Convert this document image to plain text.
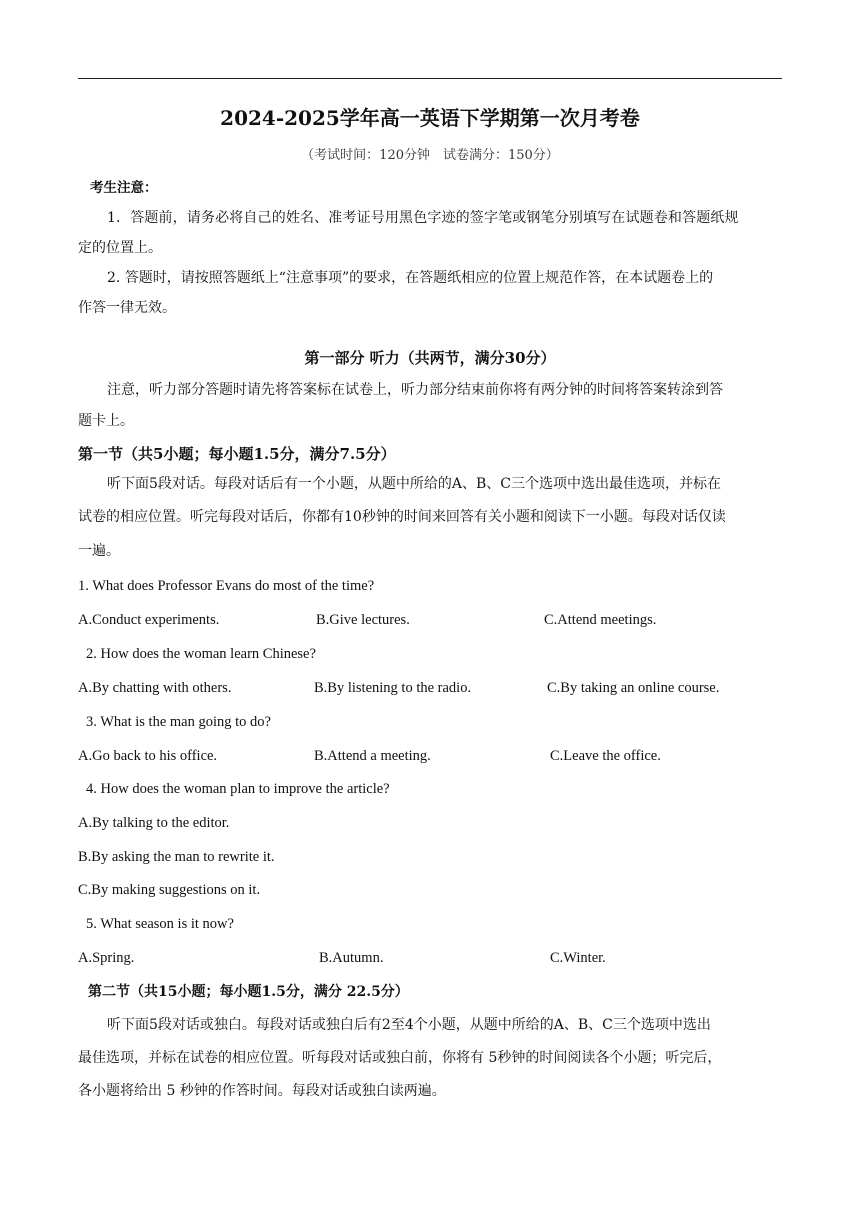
2024-2025学年高一英语下学期第一次月考卷
（考试时间：120分钟　试卷满分：150分）
考生注意：
1．答题前，请务必将自己的姓名、准考证号用黑色字迹的签字笔或钢笔分别填写在试题卷和答题纸规
定的位置上。
2. 答题时，请按照答题纸上“注意事项”的要求，在答题纸相应的位置上规范作答，在本试题卷上的
作答一律无效。
第一部分 听力（共两节，满分30分）
注意，听力部分答题时请先将答案标在试卷上，听力部分结束前你将有两分钟的时间将答案转涂到答
题卡上。
第一节（共5小题；每小题1.5分，满分7.5分）
听下面5段对话。每段对话后有一个小题，从题中所给的A、B、C三个选项中选出最佳选项，并标在
试卷的相应位置。听完每段对话后，你都有10秒钟的时间来回答有关小题和阅读下一小题。每段对话仅读
一遍。
1. What does Professor Evans do most of the time?
A.Conduct experiments.	B.Give lectures.	C.Attend meetings.
2. How does the woman learn Chinese?
A.By chatting with others.	B.By listening to the radio.	C.By taking an online course.
3. What is the man going to do?
A.Go back to his office.	B.Attend a meeting.	C.Leave the office.
4. How does the woman plan to improve the article?
A.By talking to the editor.
B.By asking the man to rewrite it.
C.By making suggestions on it.
5. What season is it now?
A.Spring.	B.Autumn.	C.Winter.
第二节（共15小题；每小题1.5分，满分 22.5分）
听下面5段对话或独白。每段对话或独白后有2至4个小题，从题中所给的A、B、C三个选项中选出
最佳选项，并标在试卷的相应位置。听每段对话或独白前，你将有 5秒钟的时间阅读各个小题；听完后，
各小题将给出 5 秒钟的作答时间。每段对话或独白读两遍。
